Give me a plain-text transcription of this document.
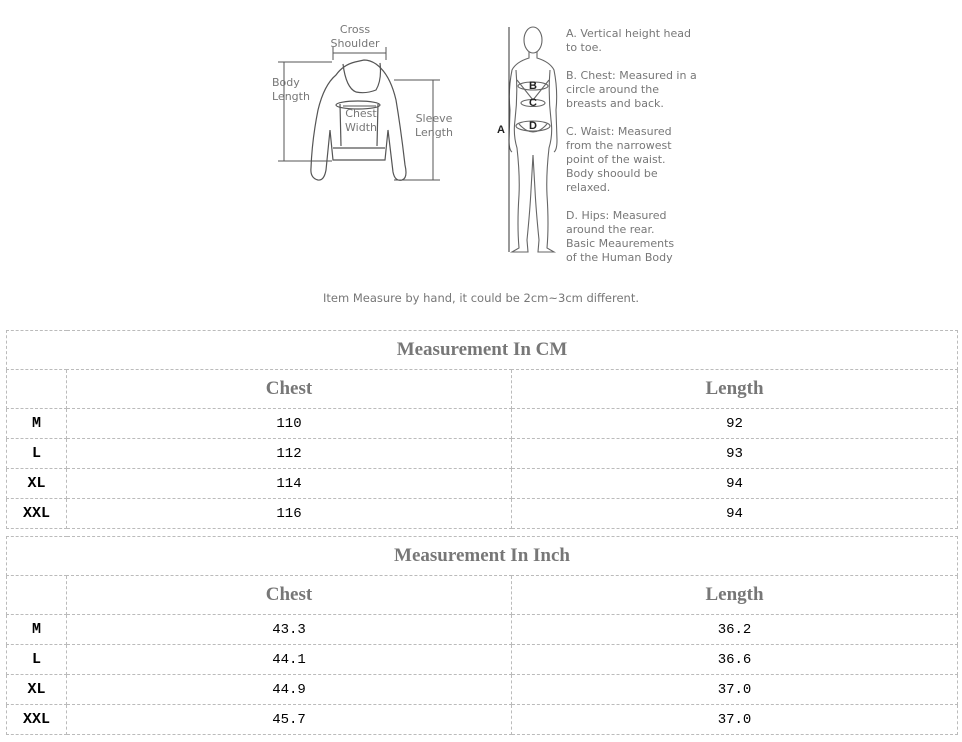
Cross
Shoulder
Body
Length
Chest
Width
Sleeve
Length
B
C
A D
A. Vertical height head
to toe.
B. Chest: Measured in a
circle around the
breasts and back.
C. Waist: Measured
from the narrowest
point of the waist.
Body shoould be
relaxed.
D. Hips: Measured
around the rear.
Basic Meaurements
of the Human Body
Item Measure by hand, it could be 2cm~3cm different.
Measurement In CM		
	Chest	Length
M	110	92
L	112	93
XL	114	94
XXL	116	94
Measurement In Inch		
	Chest	Length
M	43.3	36.2
L	44.1	36.6
XL	44.9	37.0
XXL	45.7	37.0
